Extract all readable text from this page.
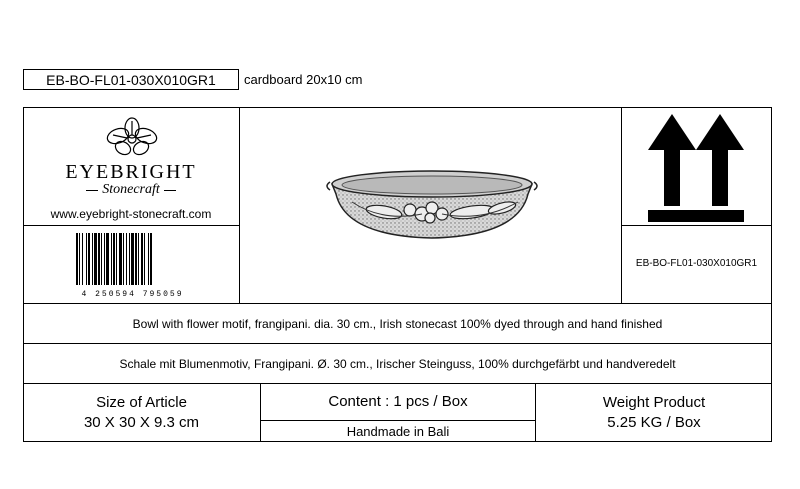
EB-BO-FL01-030X010GR1	cardboard 20x10 cm
EYEBRIGHT
Stonecraft
www.eyebright-stonecraft.com
4 250594 795059
EB-BO-FL01-030X010GR1
Bowl with flower motif, frangipani. dia. 30 cm., Irish stonecast 100% dyed through and hand finished
Schale mit Blumenmotiv, Frangipani. Ø. 30 cm., Irischer Steinguss, 100% durchgefärbt und handveredelt
Size of Article
30 X 30 X 9.3 cm
Content : 1 pcs / Box
Handmade in Bali
Weight Product
5.25 KG / Box
